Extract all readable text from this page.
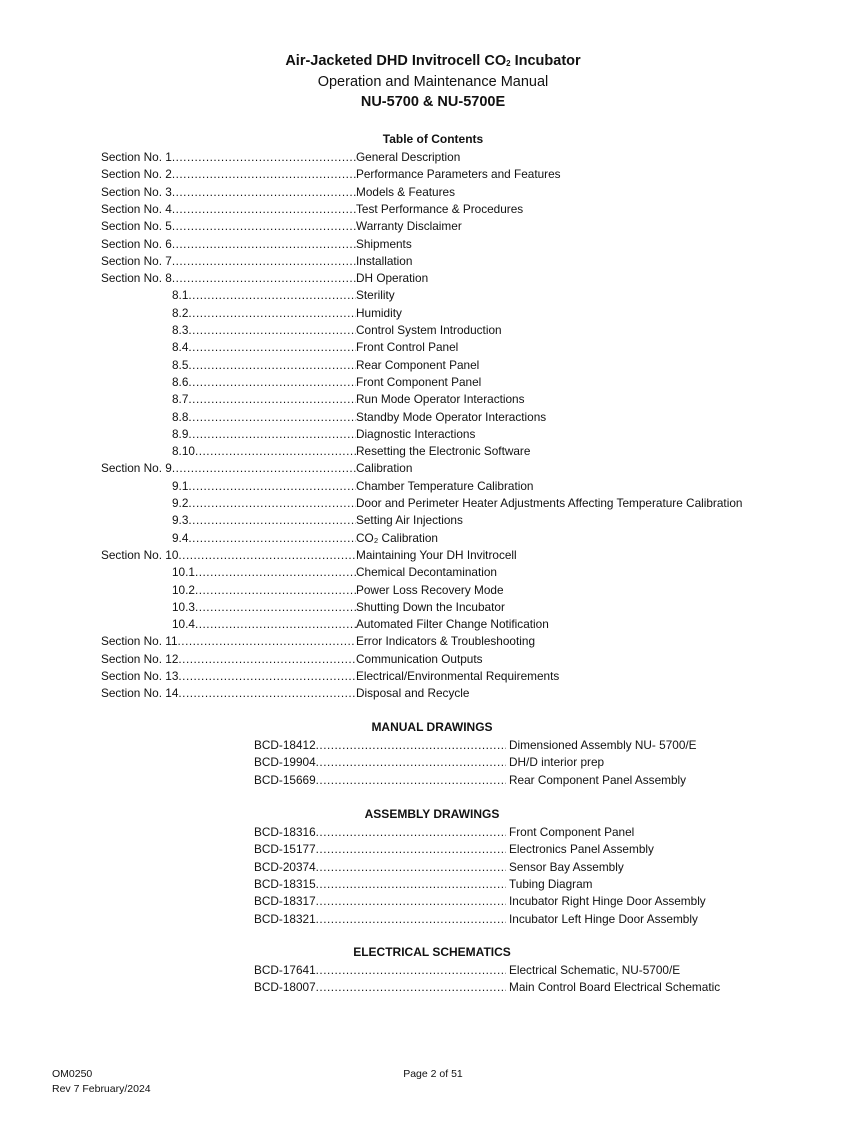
Air-Jacketed DHD Invitrocell $CO_2$ Incubator
Operation and Maintenance Manual
NU-5700 & NU-5700E
Table of Contents
Section No. 1 .....	General Description
Section No. 2 .....	Performance Parameters and Features
Section No. 3 .....	Models & Features
Section No. 4 .....	Test Performance & Procedures
Section No. 5 .....	Warranty Disclaimer
Section No. 6 .....	Shipments
Section No. 7 .....	Installation
Section No. 8 .....	DH Operation
8.1 .....	Sterility
8.2 .....	Humidity
8.3 .....	Control System Introduction
8.4 .....	Front Control Panel
8.5 .....	Rear Component Panel
8.6 .....	Front Component Panel
8.7 .....	Run Mode Operator Interactions
8.8 .....	Standby Mode Operator Interactions
8.9 .....	Diagnostic Interactions
8.10 .....	Resetting the Electronic Software
Section No. 9 .....	Calibration
9.1 .....	Chamber Temperature Calibration
9.2 .....	Door and Perimeter Heater Adjustments Affecting Temperature Calibration
9.3 .....	Setting Air Injections
9.4 .....	CO₂ Calibration
Section No. 10 .....	Maintaining Your DH Invitrocell
10.1 .....	Chemical Decontamination
10.2 .....	Power Loss Recovery Mode
10.3 .....	Shutting Down the Incubator
10.4 .....	Automated Filter Change Notification
Section No. 11 .....	Error Indicators & Troubleshooting
Section No. 12 .....	Communication Outputs
Section No. 13 .....	Electrical/Environmental Requirements
Section No. 14 .....	Disposal and Recycle
MANUAL DRAWINGS
BCD-18412 .....	Dimensioned Assembly NU- 5700/E
BCD-19904 .....	DH/D interior prep
BCD-15669 .....	Rear Component Panel Assembly
ASSEMBLY DRAWINGS
BCD-18316 .....	Front Component Panel
BCD-15177 .....	Electronics Panel Assembly
BCD-20374 .....	Sensor Bay Assembly
BCD-18315 .....	Tubing Diagram
BCD-18317 .....	Incubator Right Hinge Door Assembly
BCD-18321 .....	Incubator Left Hinge Door Assembly
ELECTRICAL SCHEMATICS
BCD-17641 .....	Electrical Schematic, NU-5700/E
BCD-18007 .....	Main Control Board Electrical Schematic
OM0250
Rev 7 February/2024
Page 2 of 51
